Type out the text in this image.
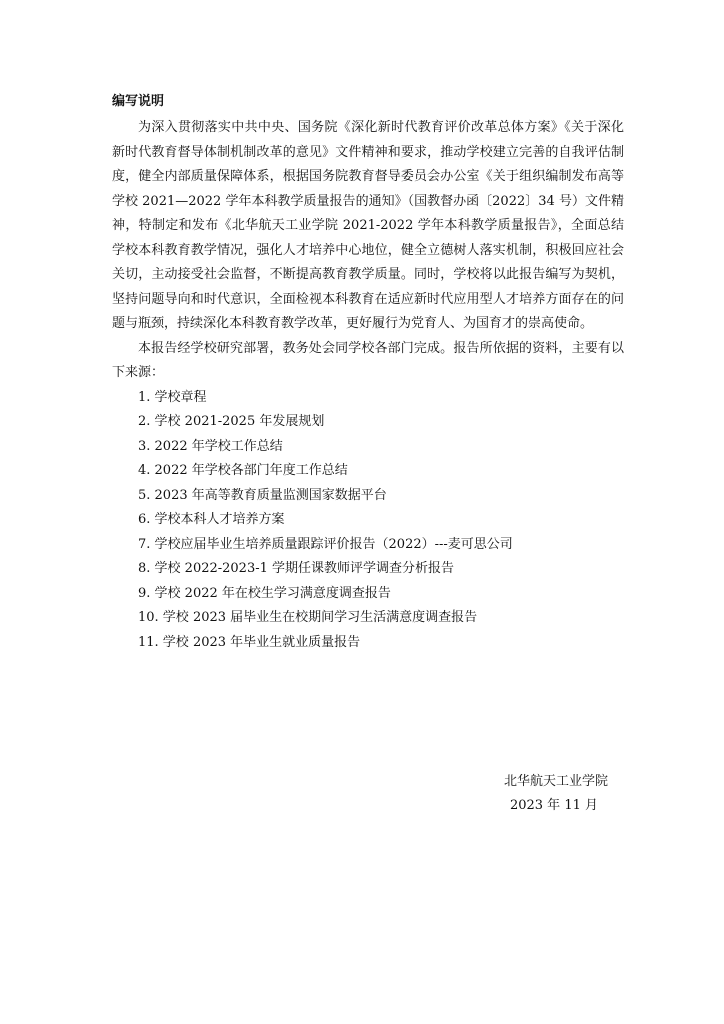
编写说明

为深入贯彻落实中共中央、国务院《深化新时代教育评价改革总体方案》《关于深化新时代教育督导体制机制改革的意见》文件精神和要求，推动学校建立完善的自我评估制度，健全内部质量保障体系，根据国务院教育督导委员会办公室《关于组织编制发布高等学校 2021—2022 学年本科教学质量报告的通知》（国教督办函〔2022〕34 号）文件精神，特制定和发布《北华航天工业学院 2021-2022 学年本科教学质量报告》，全面总结学校本科教育教学情况，强化人才培养中心地位，健全立德树人落实机制，积极回应社会关切，主动接受社会监督，不断提高教育教学质量。同时，学校将以此报告编写为契机，坚持问题导向和时代意识，全面检视本科教育在适应新时代应用型人才培养方面存在的问题与瓶颈，持续深化本科教育教学改革，更好履行为党育人、为国育才的崇高使命。

本报告经学校研究部署，教务处会同学校各部门完成。报告所依据的资料，主要有以下来源：

1. 学校章程
2. 学校 2021-2025 年发展规划
3. 2022 年学校工作总结
4. 2022 年学校各部门年度工作总结
5. 2023 年高等教育质量监测国家数据平台
6. 学校本科人才培养方案
7. 学校应届毕业生培养质量跟踪评价报告（2022）---麦可思公司
8. 学校 2022-2023-1 学期任课教师评学调查分析报告
9. 学校 2022 年在校生学习满意度调查报告
10. 学校 2023 届毕业生在校期间学习生活满意度调查报告
11. 学校 2023 年毕业生就业质量报告
北华航天工业学院
2023 年 11 月
